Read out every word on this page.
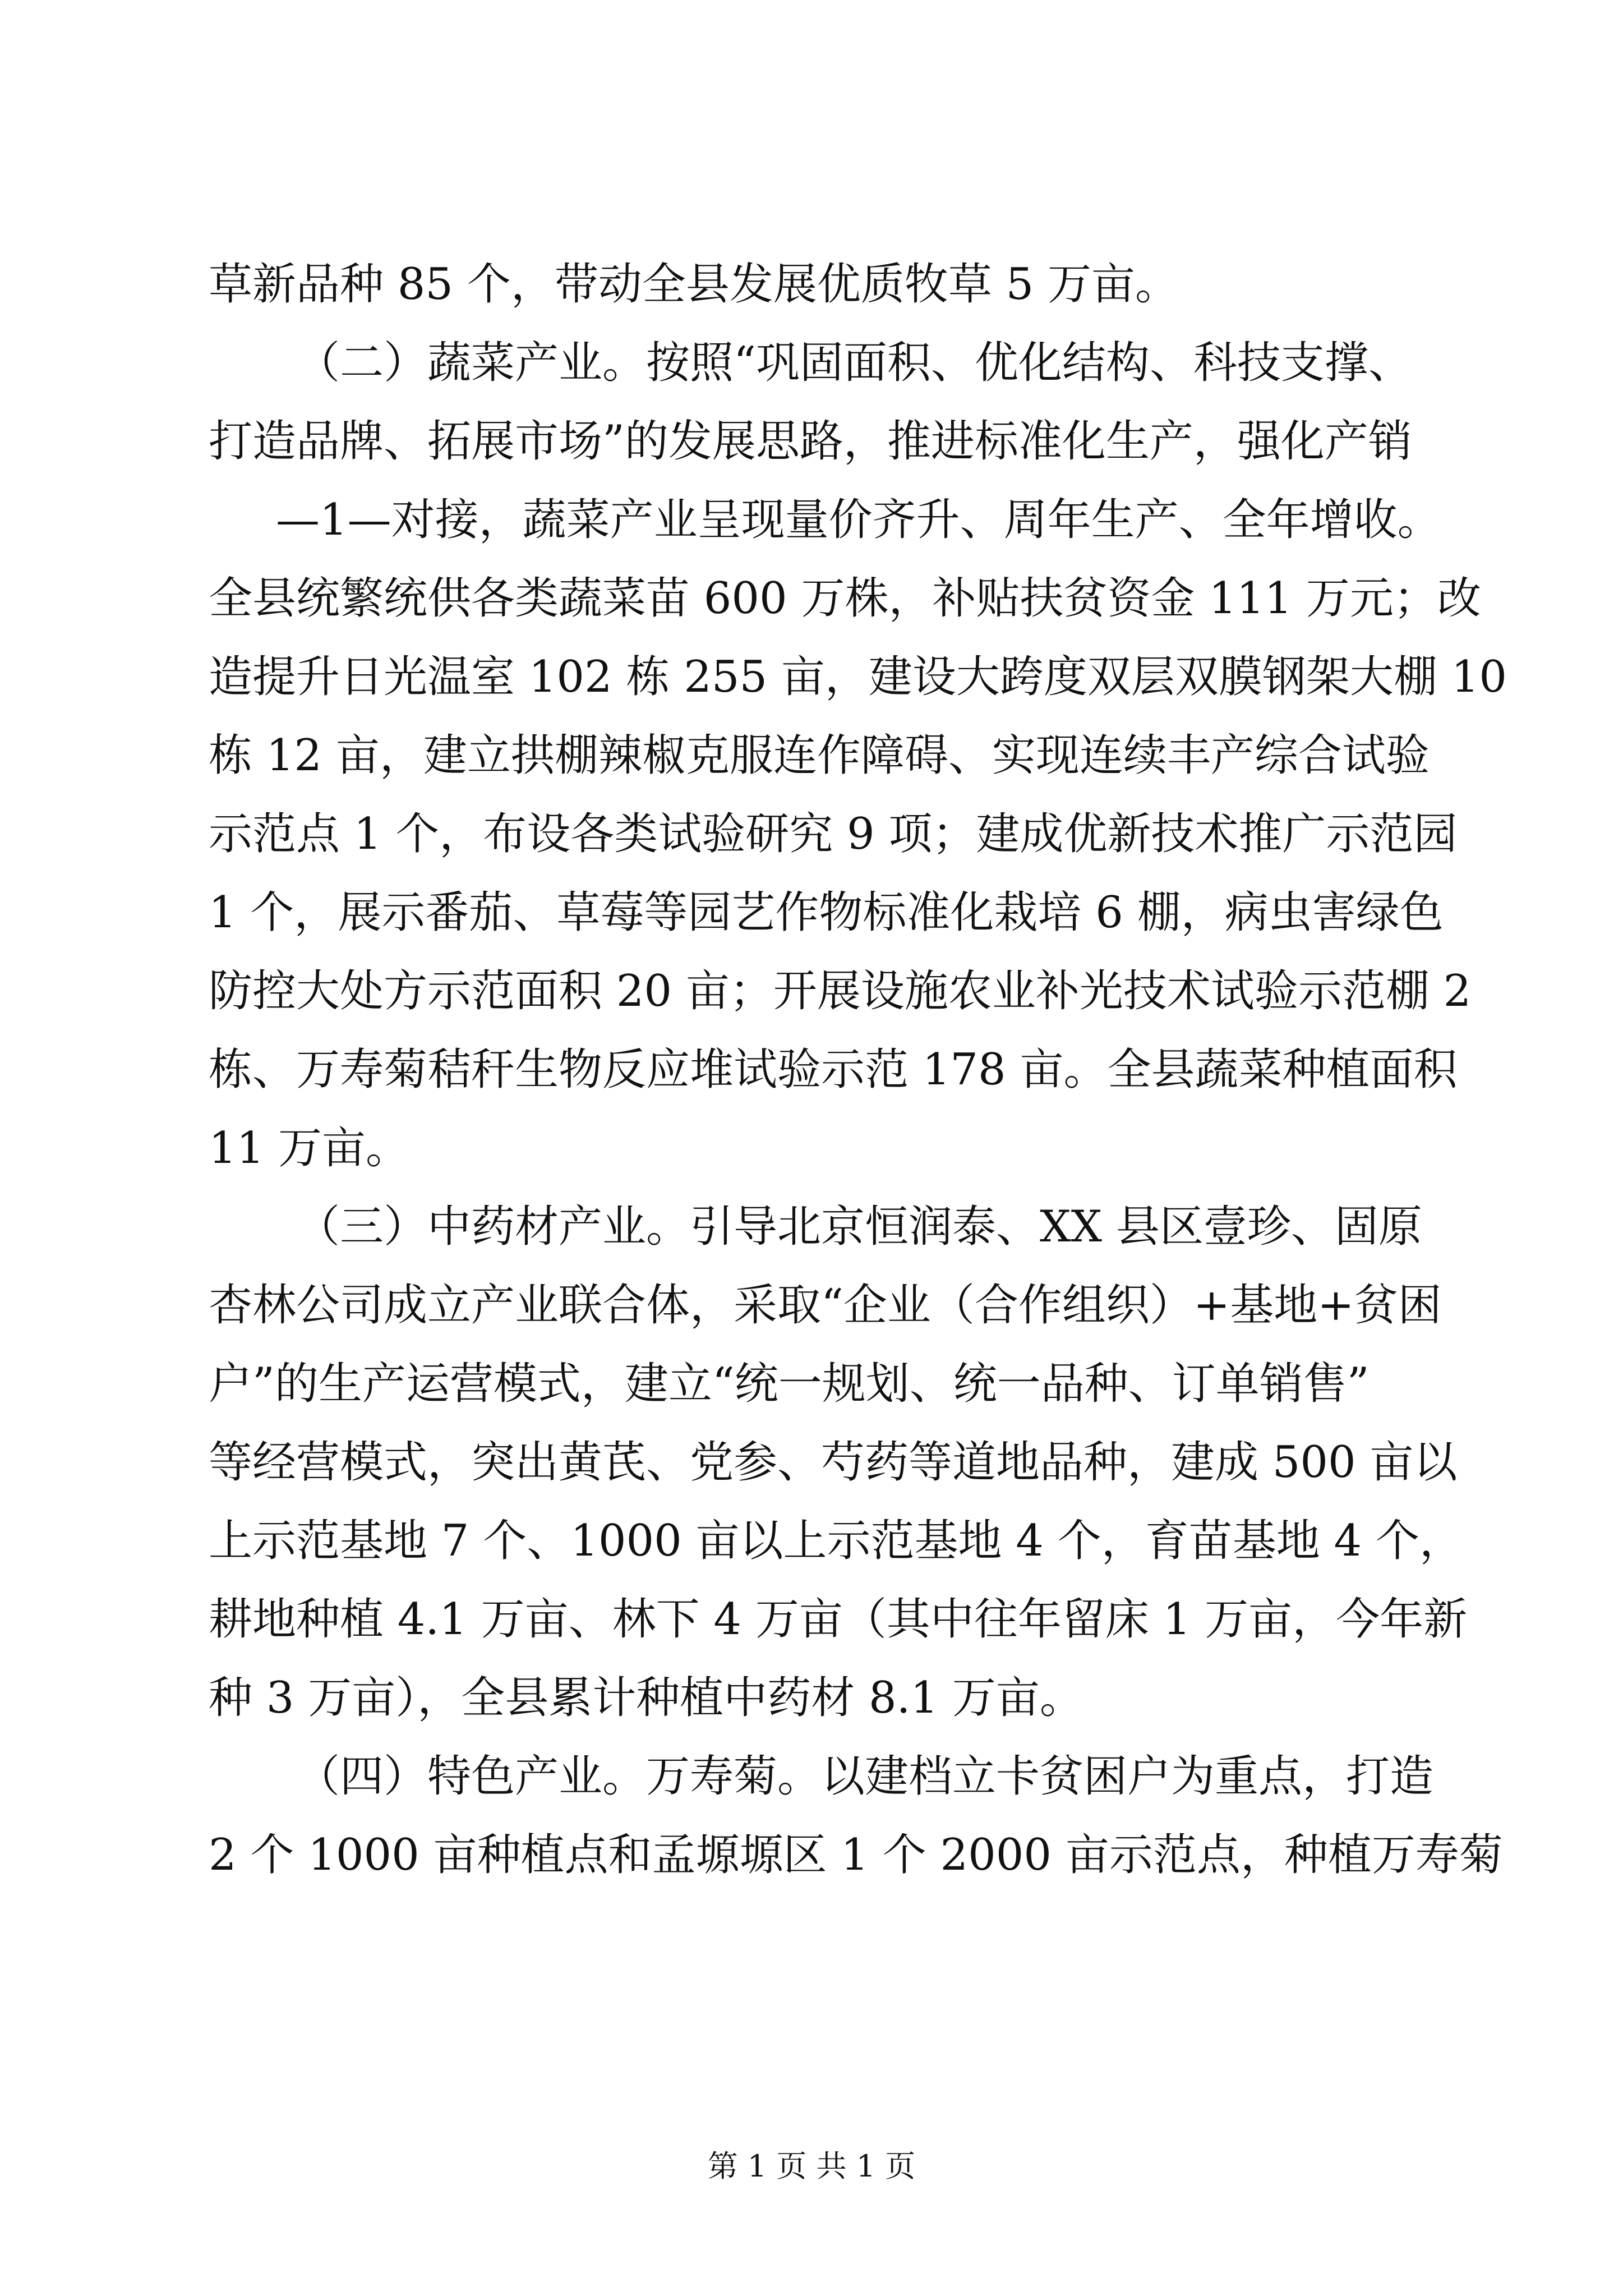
草新品种 85 个，带动全县发展优质牧草 5 万亩。
（二）蔬菜产业。按照“巩固面积、优化结构、科技支撑、
打造品牌、拓展市场”的发展思路，推进标准化生产，强化产销
—1—对接，蔬菜产业呈现量价齐升、周年生产、全年增收。
全县统繁统供各类蔬菜苗 600 万株，补贴扶贫资金 111 万元；改
造提升日光温室 102 栋 255 亩，建设大跨度双层双膜钢架大棚 10
栋 12 亩，建立拱棚辣椒克服连作障碍、实现连续丰产综合试验
示范点 1 个，布设各类试验研究 9 项；建成优新技术推广示范园
1 个，展示番茄、草莓等园艺作物标准化栽培 6 棚，病虫害绿色
防控大处方示范面积 20 亩；开展设施农业补光技术试验示范棚 2
栋、万寿菊秸秆生物反应堆试验示范 178 亩。全县蔬菜种植面积
11 万亩。
（三）中药材产业。引导北京恒润泰、XX 县区壹珍、固原
杏林公司成立产业联合体，采取“企业（合作组织）+基地+贫困
户”的生产运营模式，建立“统一规划、统一品种、订单销售”
等经营模式，突出黄芪、党参、芍药等道地品种，建成 500 亩以
上示范基地 7 个、1000 亩以上示范基地 4 个，育苗基地 4 个，
耕地种植 4.1 万亩、林下 4 万亩（其中往年留床 1 万亩，今年新
种 3 万亩），全县累计种植中药材 8.1 万亩。
（四）特色产业。万寿菊。以建档立卡贫困户为重点，打造
2 个 1000 亩种植点和孟塬塬区 1 个 2000 亩示范点，种植万寿菊
第 1 页 共 1 页
